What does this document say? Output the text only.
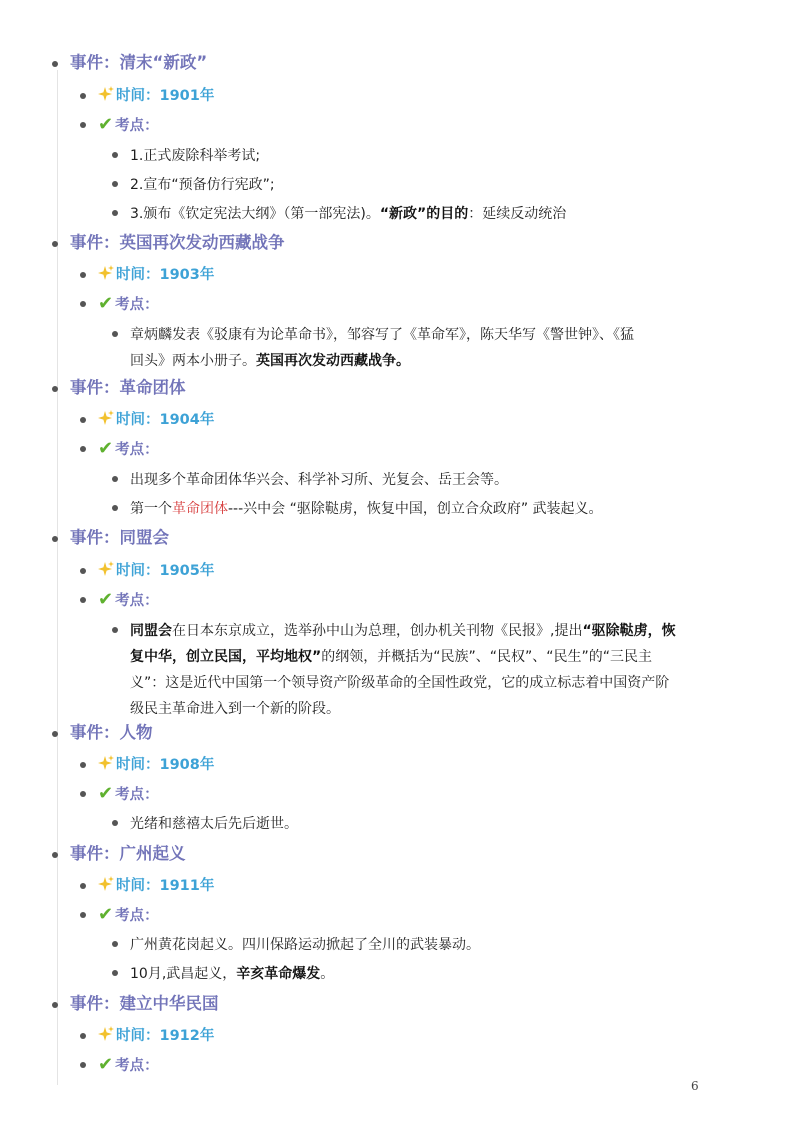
事件：清末“新政”
时间：1901年
✔ 考点：
1.正式废除科举考试;
2.宣布“预备仿行宪政”;
3.颁布《钦定宪法大纲》（第一部宪法)。“新政”的目的：延续反动统治
事件：英国再次发动西藏战争
时间：1903年
✔ 考点：
章炳麟发表《驳康有为论革命书》，邹容写了《革命军》，陈天华写《警世钟》、《猛
回头》两本小册子。英国再次发动西藏战争。
事件：革命团体
时间：1904年
✔ 考点：
出现多个革命团体华兴会、科学补习所、光复会、岳王会等。
第一个革命团体---兴中会 “驱除鞑虏，恢复中国，创立合众政府” 武装起义。
事件：同盟会
时间：1905年
✔ 考点：
同盟会在日本东京成立，选举孙中山为总理，创办机关刊物《民报》,提出“驱除鞑虏，恢
复中华，创立民国，平均地权”的纲领，并概括为“民族”、“民权”、“民生”的“三民主
义”：这是近代中国第一个领导资产阶级革命的全国性政党，它的成立标志着中国资产阶
级民主革命进入到一个新的阶段。
事件：人物
时间：1908年
✔ 考点：
光绪和慈禧太后先后逝世。
事件：广州起义
时间：1911年
✔ 考点：
广州黄花岗起义。四川保路运动掀起了全川的武装暴动。
10月,武昌起义，辛亥革命爆发。
事件：建立中华民国
时间：1912年
✔ 考点：
6
